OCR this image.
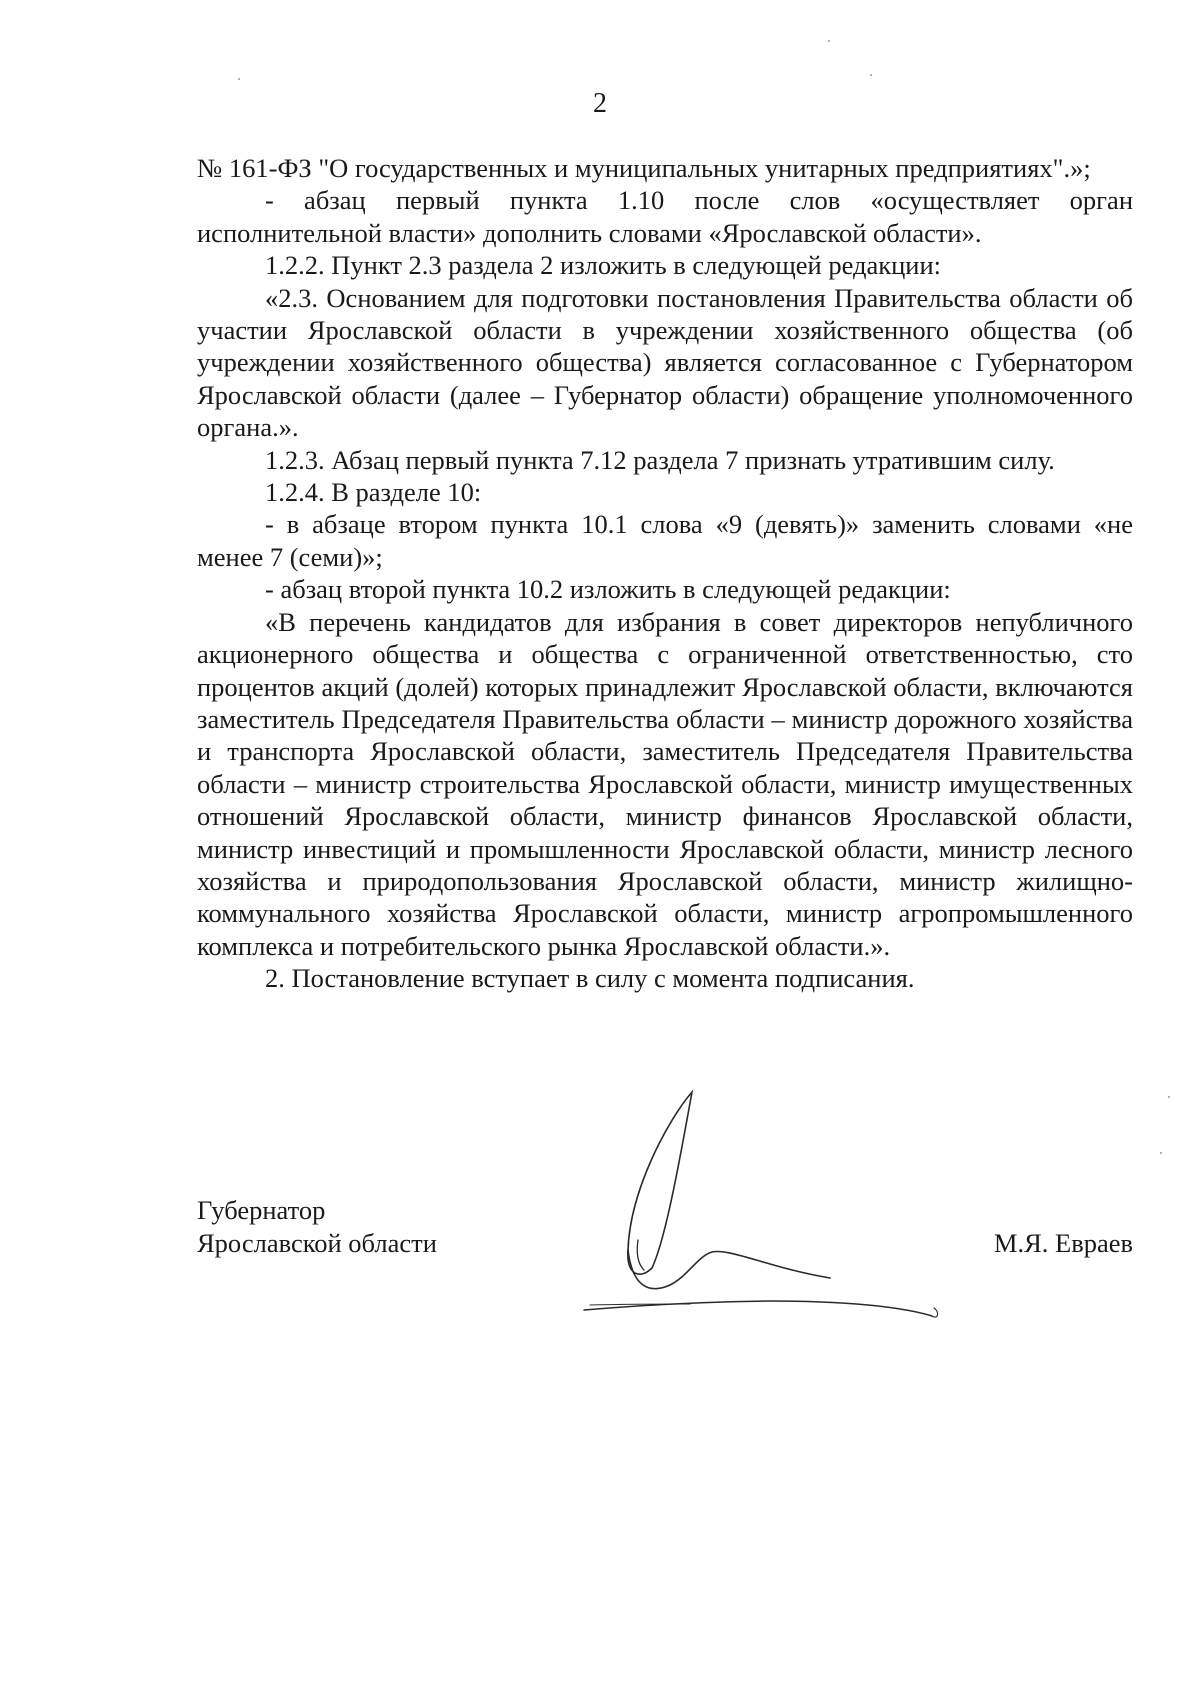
2

№ 161-ФЗ "О государственных и муниципальных унитарных предприятиях".»;

- абзац первый пункта 1.10 после слов «осуществляет орган исполнительной власти» дополнить словами «Ярославской области».

1.2.2. Пункт 2.3 раздела 2 изложить в следующей редакции:

«2.3. Основанием для подготовки постановления Правительства области об участии Ярославской области в учреждении хозяйственного общества (об учреждении хозяйственного общества) является согласованное с Губернатором Ярославской области (далее – Губернатор области) обращение уполномоченного органа.».

1.2.3. Абзац первый пункта 7.12 раздела 7 признать утратившим силу.

1.2.4. В разделе 10:

- в абзаце втором пункта 10.1 слова «9 (девять)» заменить словами «не менее 7 (семи)»;

- абзац второй пункта 10.2 изложить в следующей редакции:

«В перечень кандидатов для избрания в совет директоров непубличного акционерного общества и общества с ограниченной ответственностью, сто процентов акций (долей) которых принадлежит Ярославской области, включаются заместитель Председателя Правительства области – министр дорожного хозяйства и транспорта Ярославской области, заместитель Председателя Правительства области – министр строительства Ярославской области, министр имущественных отношений Ярославской области, министр финансов Ярославской области, министр инвестиций и промышленности Ярославской области, министр лесного хозяйства и природопользования Ярославской области, министр жилищно-коммунального хозяйства Ярославской области, министр агропромышленного комплекса и потребительского рынка Ярославской области.».

2. Постановление вступает в силу с момента подписания.

Губернатор
Ярославской области	М.Я. Евраев
